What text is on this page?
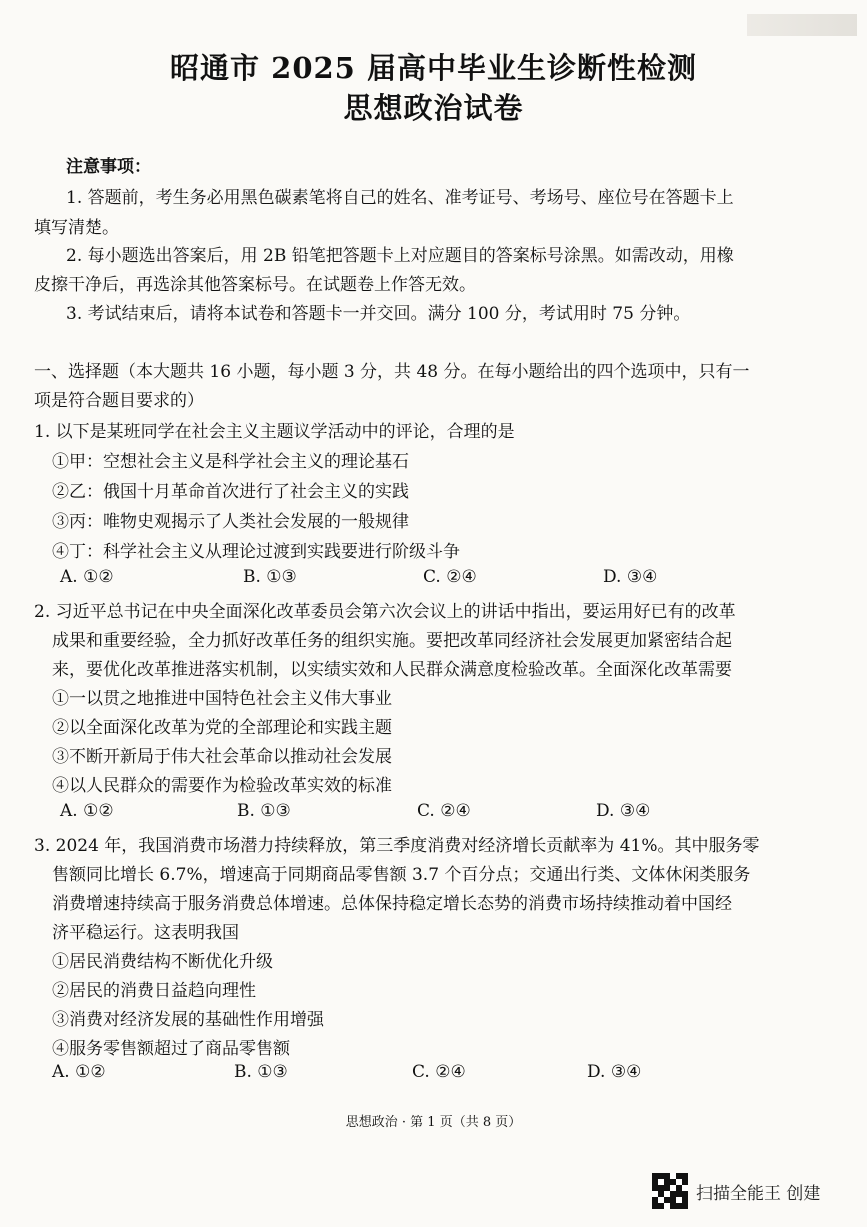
昭通市 2025 届高中毕业生诊断性检测
思想政治试卷
注意事项：
1. 答题前，考生务必用黑色碳素笔将自己的姓名、准考证号、考场号、座位号在答题卡上
填写清楚。
2. 每小题选出答案后，用 2B 铅笔把答题卡上对应题目的答案标号涂黑。如需改动，用橡
皮擦干净后，再选涂其他答案标号。在试题卷上作答无效。
3. 考试结束后，请将本试卷和答题卡一并交回。满分 100 分，考试用时 75 分钟。
一、选择题（本大题共 16 小题，每小题 3 分，共 48 分。在每小题给出的四个选项中，只有一
项是符合题目要求的）
1. 以下是某班同学在社会主义主题议学活动中的评论，合理的是
①甲：空想社会主义是科学社会主义的理论基石
②乙：俄国十月革命首次进行了社会主义的实践
③丙：唯物史观揭示了人类社会发展的一般规律
④丁：科学社会主义从理论过渡到实践要进行阶级斗争
A. ①②	B. ①③	C. ②④	D. ③④
2. 习近平总书记在中央全面深化改革委员会第六次会议上的讲话中指出，要运用好已有的改革
成果和重要经验，全力抓好改革任务的组织实施。要把改革同经济社会发展更加紧密结合起
来，要优化改革推进落实机制，以实绩实效和人民群众满意度检验改革。全面深化改革需要
①一以贯之地推进中国特色社会主义伟大事业
②以全面深化改革为党的全部理论和实践主题
③不断开新局于伟大社会革命以推动社会发展
④以人民群众的需要作为检验改革实效的标准
A. ①②	B. ①③	C. ②④	D. ③④
3. 2024 年，我国消费市场潜力持续释放，第三季度消费对经济增长贡献率为 41%。其中服务零
售额同比增长 6.7%，增速高于同期商品零售额 3.7 个百分点；交通出行类、文体休闲类服务
消费增速持续高于服务消费总体增速。总体保持稳定增长态势的消费市场持续推动着中国经
济平稳运行。这表明我国
①居民消费结构不断优化升级
②居民的消费日益趋向理性
③消费对经济发展的基础性作用增强
④服务零售额超过了商品零售额
A. ①②	B. ①③	C. ②④	D. ③④
思想政治 · 第 1 页（共 8 页）
扫描全能王 创建
